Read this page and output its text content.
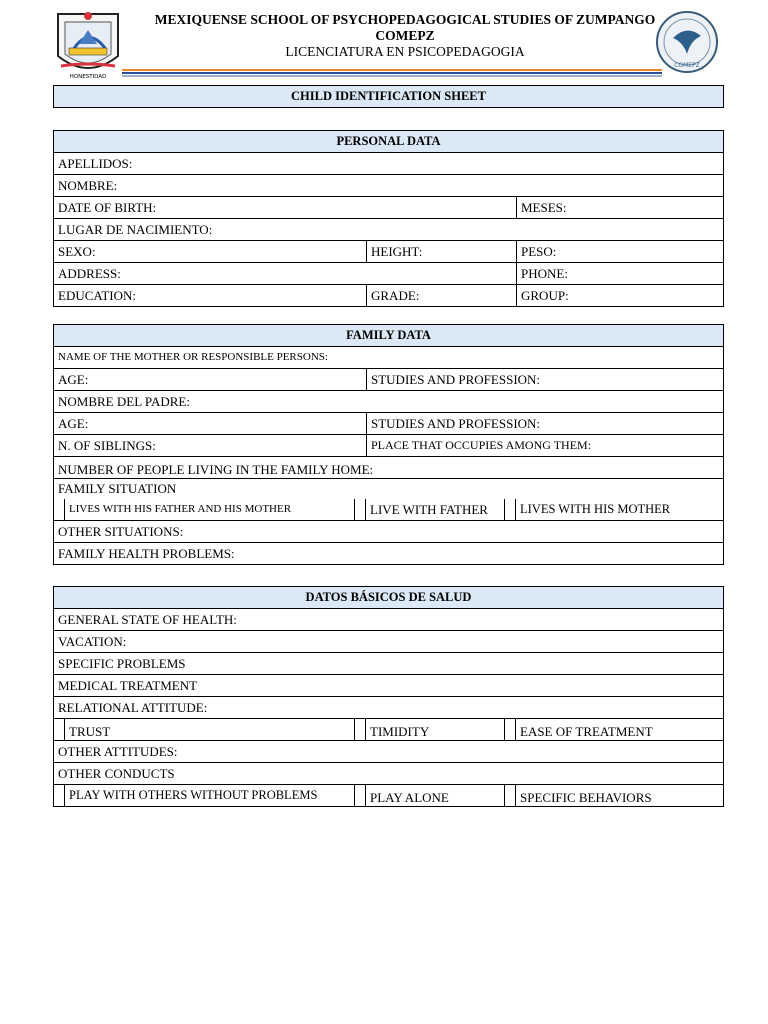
HONESTIDAD
COMEPZ
MEXIQUENSE SCHOOL OF PSYCHOPEDAGOGICAL STUDIES OF ZUMPANGO
COMEPZ
LICENCIATURA EN PSICOPEDAGOGIA
CHILD IDENTIFICATION SHEET
PERSONAL DATA
APELLIDOS:
NOMBRE:
DATE OF BIRTH:	MESES:
LUGAR DE NACIMIENTO:
SEXO:	HEIGHT:	PESO:
ADDRESS:	PHONE:
EDUCATION:	GRADE:	GROUP:
FAMILY DATA
NAME OF THE MOTHER OR RESPONSIBLE PERSONS:
AGE:	STUDIES AND PROFESSION:
NOMBRE DEL PADRE:
AGE:	STUDIES AND PROFESSION:
N. OF SIBLINGS:	PLACE THAT OCCUPIES AMONG THEM:
NUMBER OF PEOPLE LIVING IN THE FAMILY HOME:
FAMILY SITUATION
LIVES WITH HIS FATHER AND HIS MOTHER	LIVE WITH FATHER	LIVES WITH HIS MOTHER
OTHER SITUATIONS:
FAMILY HEALTH PROBLEMS:
DATOS BÁSICOS DE SALUD
GENERAL STATE OF HEALTH:
VACATION:
SPECIFIC PROBLEMS
MEDICAL TREATMENT
RELATIONAL ATTITUDE:
TRUST	TIMIDITY	EASE OF TREATMENT
OTHER ATTITUDES:
OTHER CONDUCTS
PLAY WITH OTHERS WITHOUT PROBLEMS	PLAY ALONE	SPECIFIC BEHAVIORS
